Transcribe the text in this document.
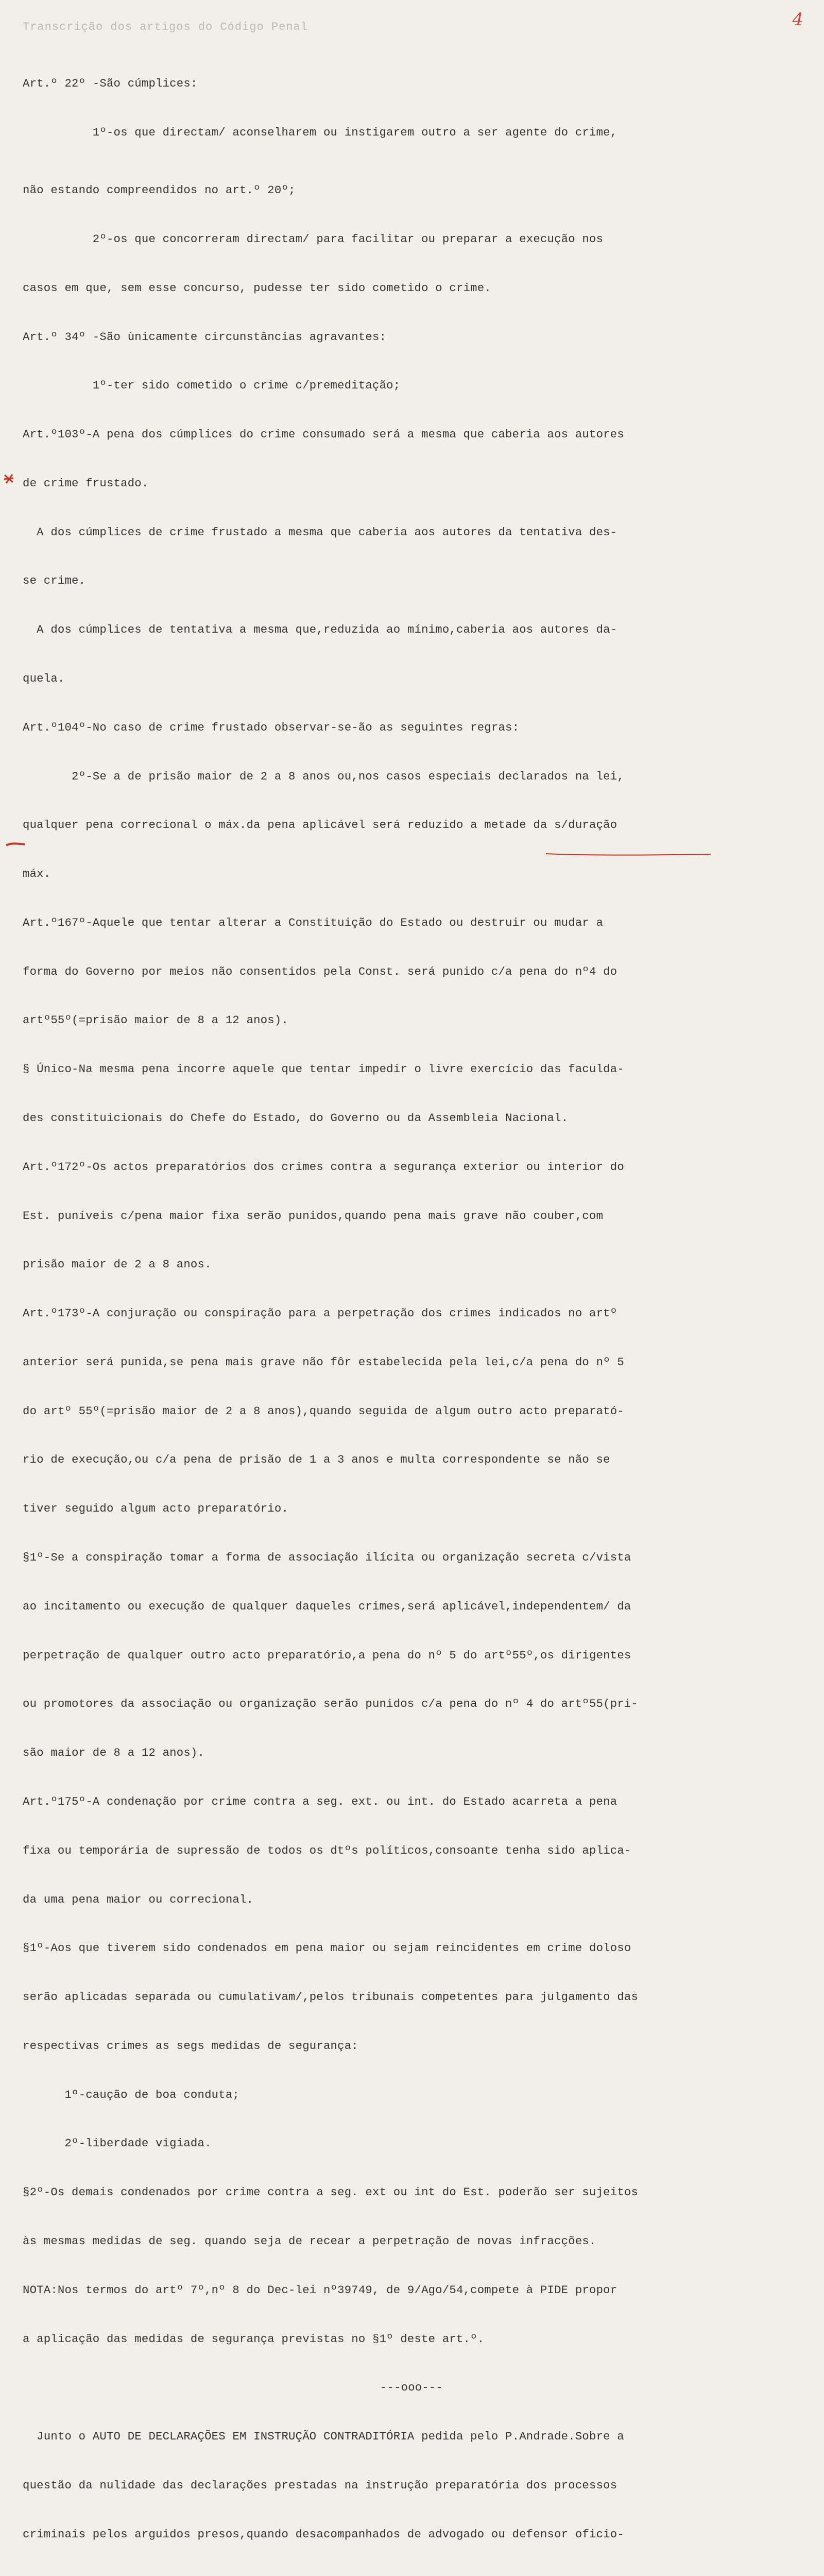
4
Transcrição dos artigos do Código Penal

Art.º 22º -São cúmplices:

1º-os que directam/ aconselharem ou instigarem outro a ser agente do crime,

não estando compreendidos no art.º 20º;

2º-os que concorreram directam/ para facilitar ou preparar a execução nos

casos em que, sem esse concurso, pudesse ter sido cometido o crime.

Art.º 34º -São ùnicamente circunstâncias agravantes:

1º-ter sido cometido o crime c/premeditação;

Art.º103º-A pena dos cúmplices do crime consumado será a mesma que caberia aos autores

de crime frustado.

A dos cúmplices de crime frustado a mesma que caberia aos autores da tentativa des-

se crime.

A dos cúmplices de tentativa a mesma que,reduzida ao mínimo,caberia aos autores da-

quela.

Art.º104º-No caso de crime frustado observar-se-ão as seguintes regras:

2º-Se a de prisão maior de 2 a 8 anos ou,nos casos especiais declarados na lei,

qualquer pena correcional o máx.da pena aplicável será reduzido a metade da s/duração

máx.

Art.º167º-Aquele que tentar alterar a Constituição do Estado ou destruir ou mudar a

forma do Governo por meios não consentidos pela Const. será punido c/a pena do nº4 do

artº55º(=prisão maior de 8 a 12 anos).

§ Único-Na mesma pena incorre aquele que tentar impedir o livre exercício das faculda-

des constituicionais do Chefe do Estado, do Governo ou da Assembleia Nacional.

Art.º172º-Os actos preparatórios dos crimes contra a segurança exterior ou interior do

Est. puníveis c/pena maior fixa serão punidos,quando pena mais grave não couber,com

prisão maior de 2 a 8 anos.

Art.º173º-A conjuração ou conspiração para a perpetração dos crimes indicados no artº

anterior será punida,se pena mais grave não fôr estabelecida pela lei,c/a pena do nº 5

do artº 55º(=prisão maior de 2 a 8 anos),quando seguida de algum outro acto preparató-

rio de execução,ou c/a pena de prisão de 1 a 3 anos e multa correspondente se não se

tiver seguido algum acto preparatório.

§1º-Se a conspiração tomar a forma de associação ilícita ou organização secreta c/vista

ao incitamento ou execução de qualquer daqueles crimes,será aplicável,independentem/ da

perpetração de qualquer outro acto preparatório,a pena do nº 5 do artº55º,os dirigentes

ou promotores da associação ou organização serão punidos c/a pena do nº 4 do artº55(pri-

são maior de 8 a 12 anos).

Art.º175º-A condenação por crime contra a seg. ext. ou int. do Estado acarreta a pena

fixa ou temporária de supressão de todos os dtºs políticos,consoante tenha sido aplica-

da uma pena maior ou correcional.

§1º-Aos que tiverem sido condenados em pena maior ou sejam reincidentes em crime doloso

serão aplicadas separada ou cumulativam/,pelos tribunais competentes para julgamento das

respectivas crimes as segs medidas de segurança:

1º-caução de boa conduta;

2º-liberdade vigiada.

§2º-Os demais condenados por crime contra a seg. ext ou int do Est. poderão ser sujeitos

às mesmas medidas de seg. quando seja de recear a perpetração de novas infracções.

NOTA:Nos termos do artº 7º,nº 8 do Dec-lei nº39749, de 9/Ago/54,compete à PIDE propor

a aplicação das medidas de segurança previstas no §1º deste art.º.

---ooo---

Junto o AUTO DE DECLARAÇÕES EM INSTRUÇÃO CONTRADITÓRIA pedida pelo P.Andrade.Sobre a

questão da nulidade das declarações prestadas na instrução preparatória dos processos

criminais pelos arguidos presos,quando desacompanhados de advogado ou defensor oficio-
